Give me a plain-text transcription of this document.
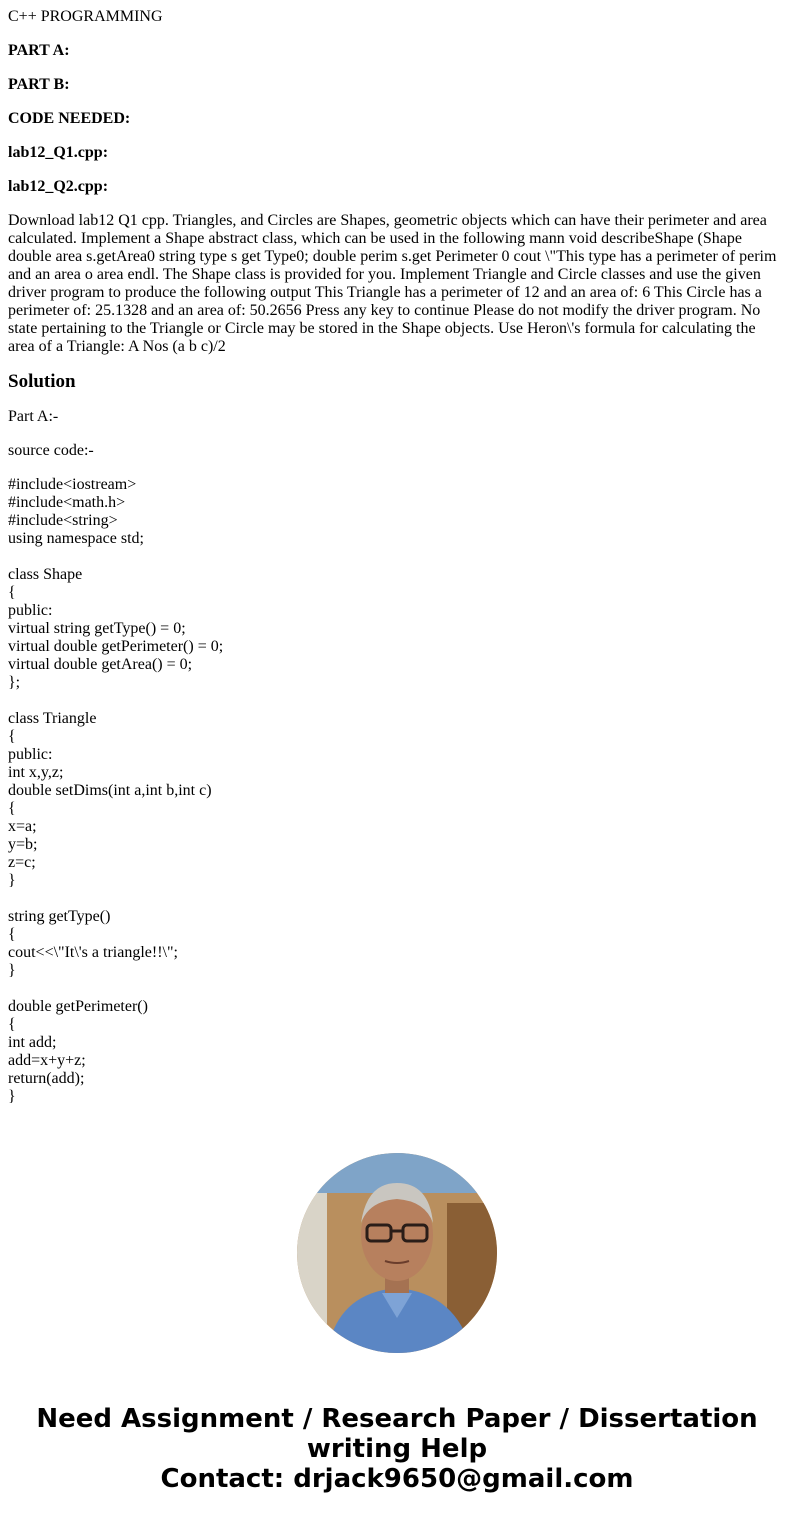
C++ PROGRAMMING

PART A:

PART B:

CODE NEEDED:

lab12_Q1.cpp:

lab12_Q2.cpp:

Download lab12 Q1 cpp. Triangles, and Circles are Shapes, geometric objects which can have their perimeter and area calculated. Implement a Shape abstract class, which can be used in the following mann void describeShape (Shape double area s.getArea0 string type s get Type0; double perim s.get Perimeter 0 cout \"This type has a perimeter of perim and an area o area endl. The Shape class is provided for you. Implement Triangle and Circle classes and use the given driver program to produce the following output This Triangle has a perimeter of 12 and an area of: 6 This Circle has a perimeter of: 25.1328 and an area of: 50.2656 Press any key to continue Please do not modify the driver program. No state pertaining to the Triangle or Circle may be stored in the Shape objects. Use Heron\'s formula for calculating the area of a Triangle: A Nos (a b c)/2

Solution

Part A:-

source code:-

#include<iostream>
#include<math.h>
#include<string>
using namespace std;
class Shape
{
public:
virtual string getType() = 0;
virtual double getPerimeter() = 0;
virtual double getArea() = 0;
};
class Triangle
{
public:
int x,y,z;
double setDims(int a,int b,int c)
{
x=a;
y=b;
z=c;
}
string getType()
{
cout<<\"It\'s a triangle!!\";
}
double getPerimeter()
{
int add;
add=x+y+z;
return(add);
}
Need Assignment / Research Paper / Dissertation
writing Help
Contact: drjack9650@gmail.com
